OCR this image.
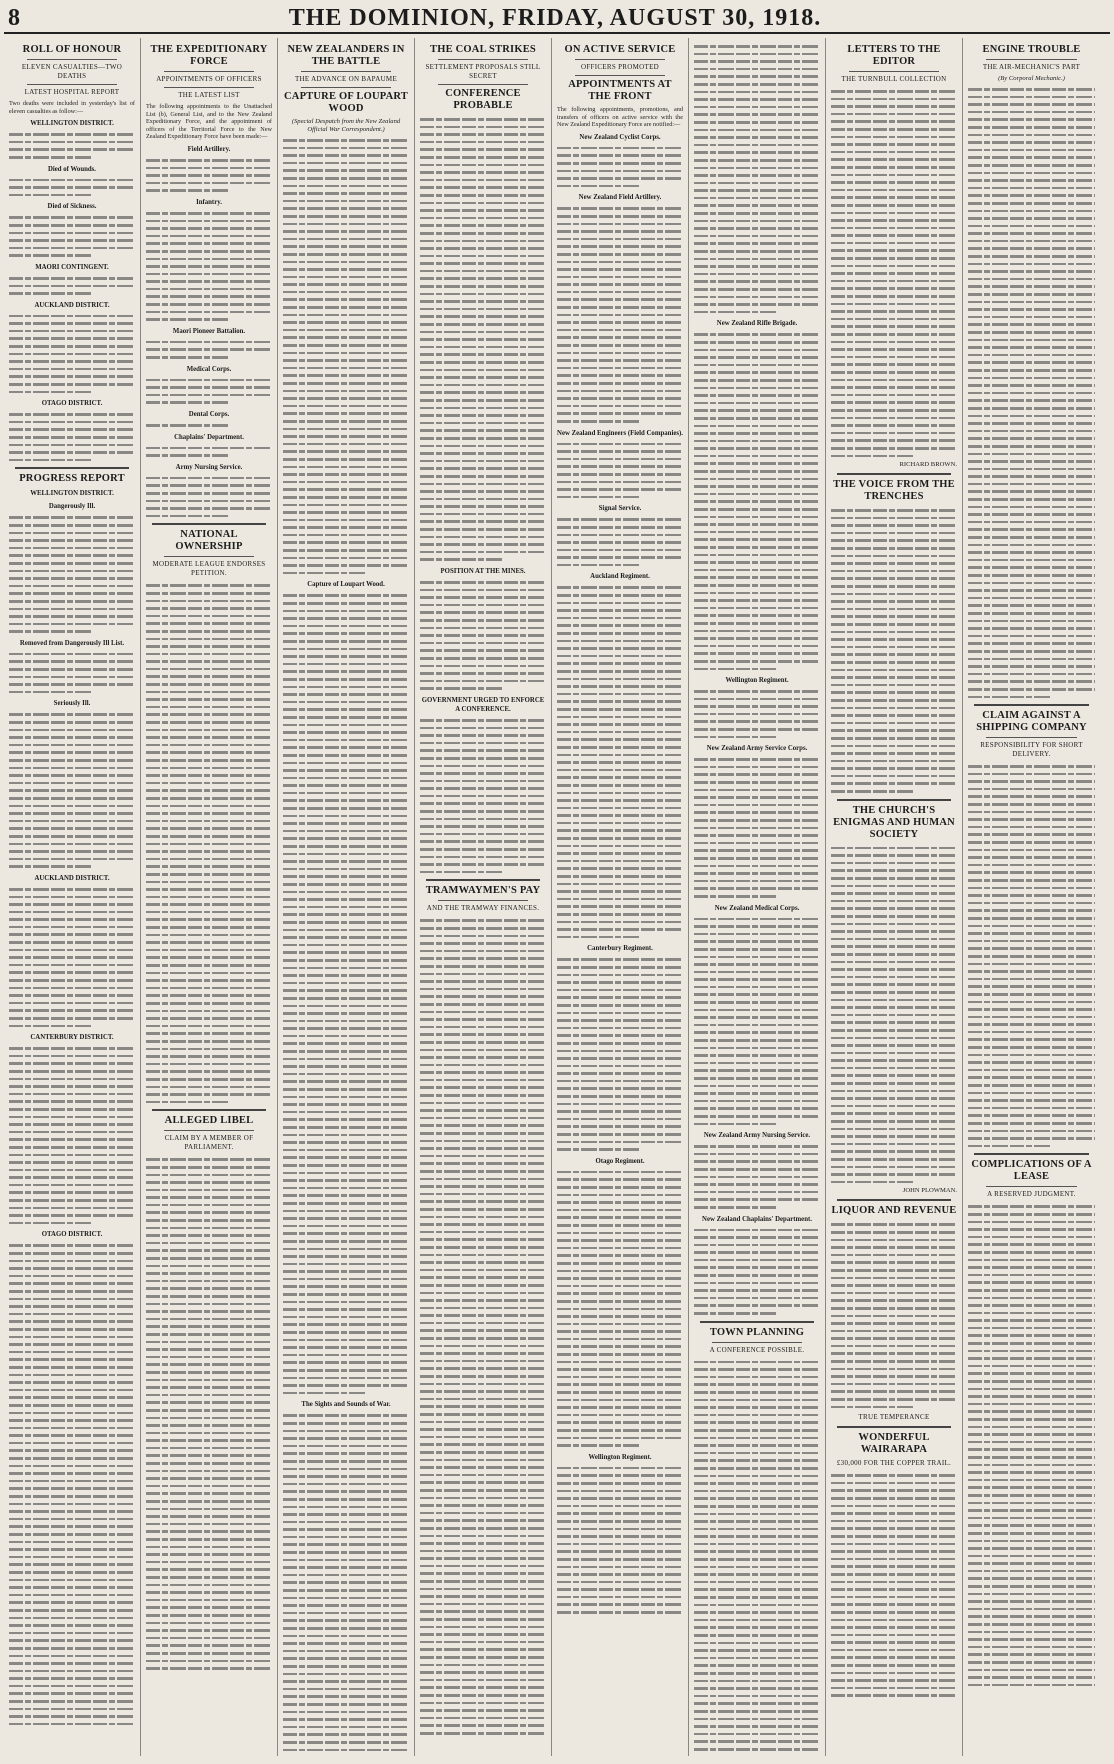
8	THE DOMINION, FRIDAY, AUGUST 30, 1918.
ROLL OF HONOUR
ELEVEN CASUALTIES—TWO DEATHS
LATEST HOSPITAL REPORT
Two deaths were included in yesterday's list of eleven casualties as follow:—
WELLINGTON DISTRICT.
Died of Wounds.
Died of Sickness.
MAORI CONTINGENT.
AUCKLAND DISTRICT.
OTAGO DISTRICT.
PROGRESS REPORT
WELLINGTON DISTRICT.
Dangerously Ill.
Removed from Dangerously Ill List.
Seriously Ill.
AUCKLAND DISTRICT.
CANTERBURY DISTRICT.
OTAGO DISTRICT.
THE EXPEDITIONARY FORCE
APPOINTMENTS OF OFFICERS
THE LATEST LIST
The following appointments to the Unattached List (b), General List, and to the New Zealand Expeditionary Force, and the appointment of officers of the Territorial Force to the New Zealand Expeditionary Force have been made:—
Field Artillery.
Infantry.
Maori Pioneer Battalion.
Medical Corps.
Dental Corps.
Chaplains' Department.
Army Nursing Service.
NATIONAL OWNERSHIP
MODERATE LEAGUE ENDORSES PETITION.
ALLEGED LIBEL
CLAIM BY A MEMBER OF PARLIAMENT.
NEW ZEALANDERS IN THE BATTLE
THE ADVANCE ON BAPAUME
CAPTURE OF LOUPART WOOD
(Special Despatch from the New Zealand Official War Correspondent.)
Capture of Loupart Wood.
The Sights and Sounds of War.
THE COAL STRIKES
SETTLEMENT PROPOSALS STILL SECRET
CONFERENCE PROBABLE
POSITION AT THE MINES.
GOVERNMENT URGED TO ENFORCE A CONFERENCE.
TRAMWAYMEN'S PAY
AND THE TRAMWAY FINANCES.
ON ACTIVE SERVICE
OFFICERS PROMOTED
APPOINTMENTS AT THE FRONT
The following appointments, promotions, and transfers of officers on active service with the New Zealand Expeditionary Force are notified:—
New Zealand Cyclist Corps.
New Zealand Field Artillery.
New Zealand Engineers (Field Companies).
Signal Service.
Auckland Regiment.
Canterbury Regiment.
Otago Regiment.
Wellington Regiment.
New Zealand Rifle Brigade.
Wellington Regiment.
New Zealand Army Service Corps.
New Zealand Medical Corps.
New Zealand Army Nursing Service.
New Zealand Chaplains' Department.
TOWN PLANNING
A CONFERENCE POSSIBLE.
LETTERS TO THE EDITOR
THE TURNBULL COLLECTION
RICHARD BROWN.
THE VOICE FROM THE TRENCHES
THE CHURCH'S ENIGMAS AND HUMAN SOCIETY
JOHN PLOWMAN.
LIQUOR AND REVENUE
TRUE TEMPERANCE
WONDERFUL WAIRARAPA
£30,000 FOR THE COPPER TRAIL.
ENGINE TROUBLE
THE AIR-MECHANIC'S PART
(By Corporal Mechanic.)
CLAIM AGAINST A SHIPPING COMPANY
RESPONSIBILITY FOR SHORT DELIVERY.
COMPLICATIONS OF A LEASE
A RESERVED JUDGMENT.
